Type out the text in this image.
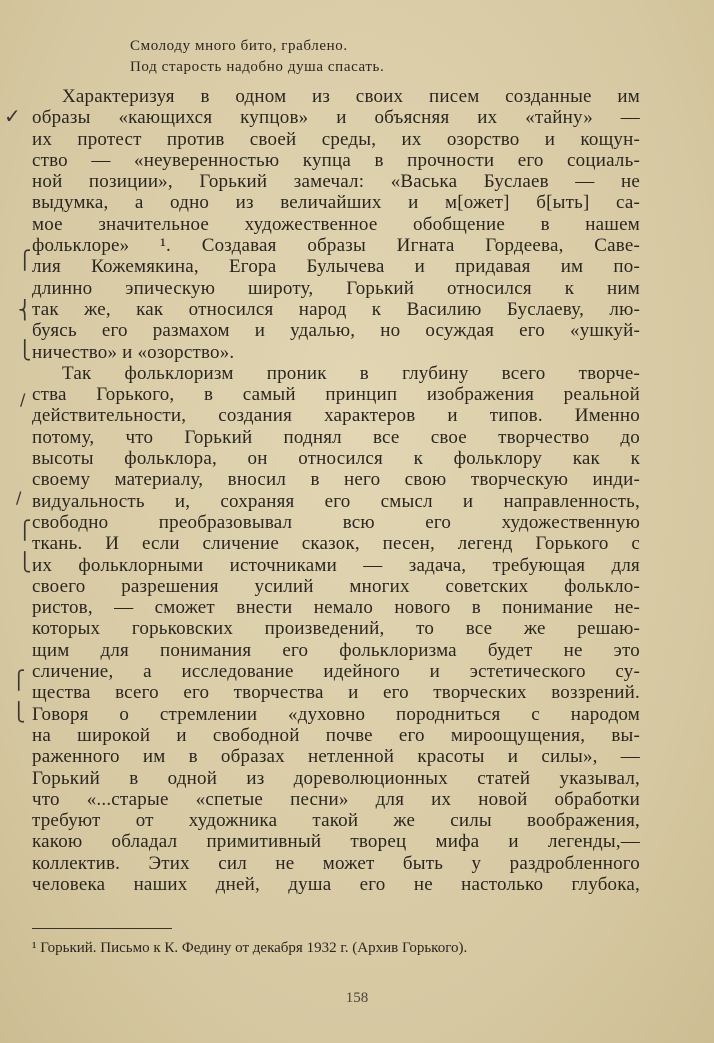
Смолоду много бито, граблено.
Под старость надобно душа спасать.
Характеризуя в одном из своих писем созданные им
образы «кающихся купцов» и объясняя их «тайну» —
их протест против своей среды, их озорство и кощун-
ство — «неуверенностью купца в прочности его социаль-
ной позиции», Горький замечал: «Васька Буслаев — не
выдумка, а одно из величайших и м[ожет] б[ыть] са-
мое значительное художественное обобщение в нашем
фольклоре» ¹. Создавая образы Игната Гордеева, Саве-
лия Кожемякина, Егора Булычева и придавая им по-
длинно эпическую широту, Горький относился к ним
так же, как относился народ к Василию Буслаеву, лю-
буясь его размахом и удалью, но осуждая его «ушкуй-
ничество» и «озорство».
Так фольклоризм проник в глубину всего творче-
ства Горького, в самый принцип изображения реальной
действительности, создания характеров и типов. Именно
потому, что Горький поднял все свое творчество до
высоты фольклора, он относился к фольклору как к
своему материалу, вносил в него свою творческую инди-
видуальность и, сохраняя его смысл и направленность,
свободно преобразовывал всю его художественную
ткань. И если сличение сказок, песен, легенд Горького с
их фольклорными источниками — задача, требующая для
своего разрешения усилий многих советских фолькло-
ристов, — сможет внести немало нового в понимание не-
которых горьковских произведений, то все же решаю-
щим для понимания его фольклоризма будет не это
сличение, а исследование идейного и эстетического су-
щества всего его творчества и его творческих воззрений.
Говоря о стремлении «духовно породниться с народом
на широкой и свободной почве его мироощущения, вы-
раженного им в образах нетленной красоты и силы», —
Горький в одной из дореволюционных статей указывал,
что «...старые «спетые песни» для их новой обработки
требуют от художника такой же силы воображения,
какою обладал примитивный творец мифа и легенды,—
коллектив. Этих сил не может быть у раздробленного
человека наших дней, душа его не настолько глубока,
✓
⎧
⎨
⎩
/
/
⎧
⎩
⎧
⎩
¹ Горький. Письмо к К. Федину от декабря 1932 г. (Архив Горького).
158
